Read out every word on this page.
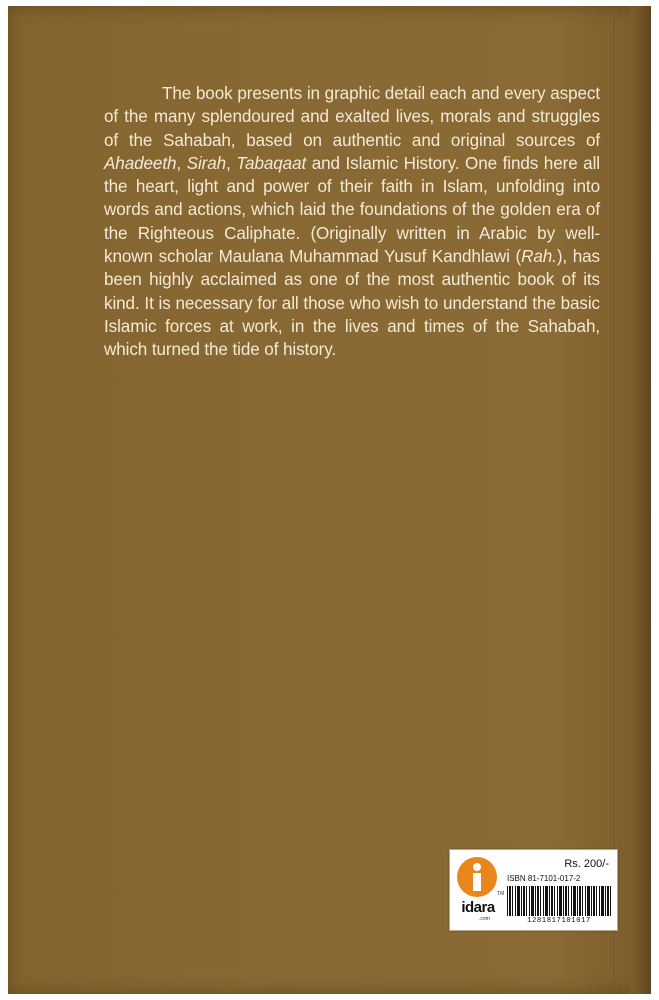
The book presents in graphic detail each and every aspect of the many splendoured and exalted lives, morals and struggles of the Sahabah, based on authentic and original sources of Ahadeeth, Sirah, Tabaqaat and Islamic History. One finds here all the heart, light and power of their faith in Islam, unfolding into words and actions, which laid the foundations of the golden era of the Righteous Caliphate. (Originally written in Arabic by well-known scholar Maulana Muhammad Yusuf Kandhlawi (Rah.), has been highly acclaimed as one of the most authentic book of its kind. It is necessary for all those who wish to understand the basic Islamic forces at work, in the lives and times of the Sahabah, which turned the tide of history.

TM
idara
.com
Rs. 200/-
ISBN 81-7101-017-2
1281817101017
